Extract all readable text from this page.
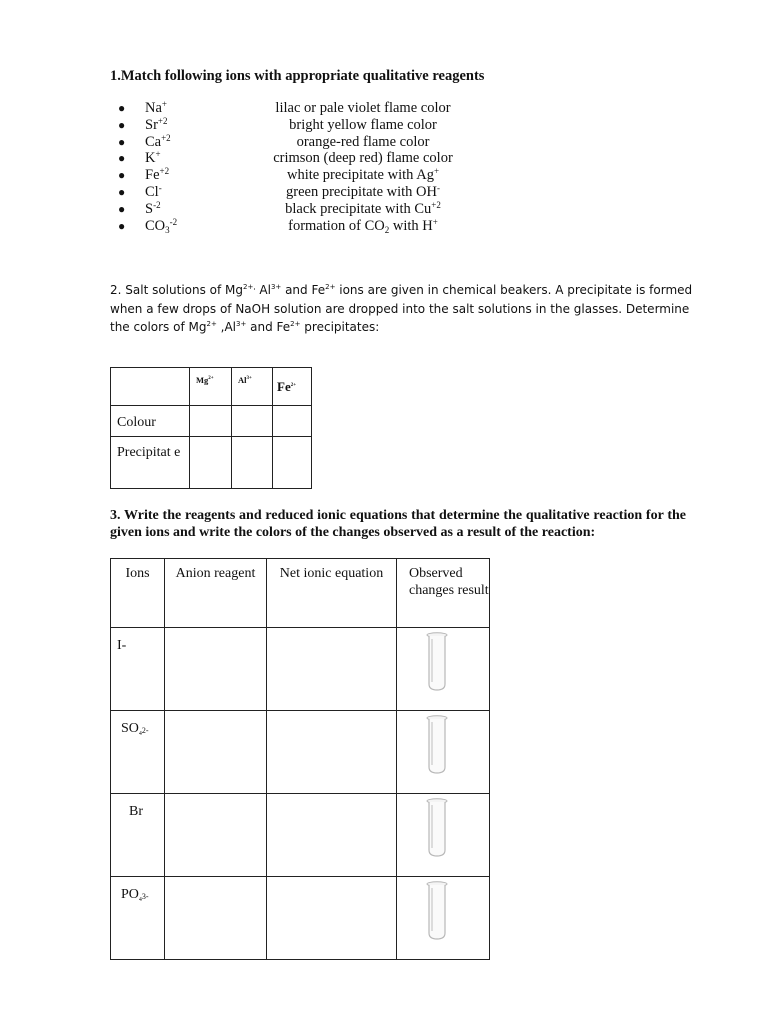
1.Match following ions with appropriate qualitative reagents
● Na+	lilac or pale violet flame color
● $Sr^{+2}$	bright yellow flame color
● $Ca^{+2}$	orange-red flame color
● K+	crimson (deep red) flame color
● $Fe^{+2}$	white precipitate with Ag+
● Cl-	green precipitate with OH-
● $S^{-2}$	black precipitate with $Cu^{+2}$
● $CO_3^{-2}$	formation of $CO_2$ with H+
2. Salt solutions of $Mg^{2+,}$ $Al^{3+}$ and $Fe^{2+}$ ions are given in chemical beakers. A precipitate is formed when a few drops of NaOH solution are dropped into the salt solutions in the glasses. Determine the colors of $Mg^{2+}$ $,Al^{3+}$ and $Fe^{2+}$ precipitates:
	$Mg^{2+}$	$Al^{3+}$	$Fe^{2+}$
Colour			

Precipitat e			

3. Write the reagents and reduced ionic equations that determine the qualitative reaction for the given ions and write the colors of the changes observed as a result of the reaction:
Ions	Anion reagent	Net ionic equation	Observed changes result
I-			

$SO_4^{2-}$			

Br			

$PO_4^{3-}$			
